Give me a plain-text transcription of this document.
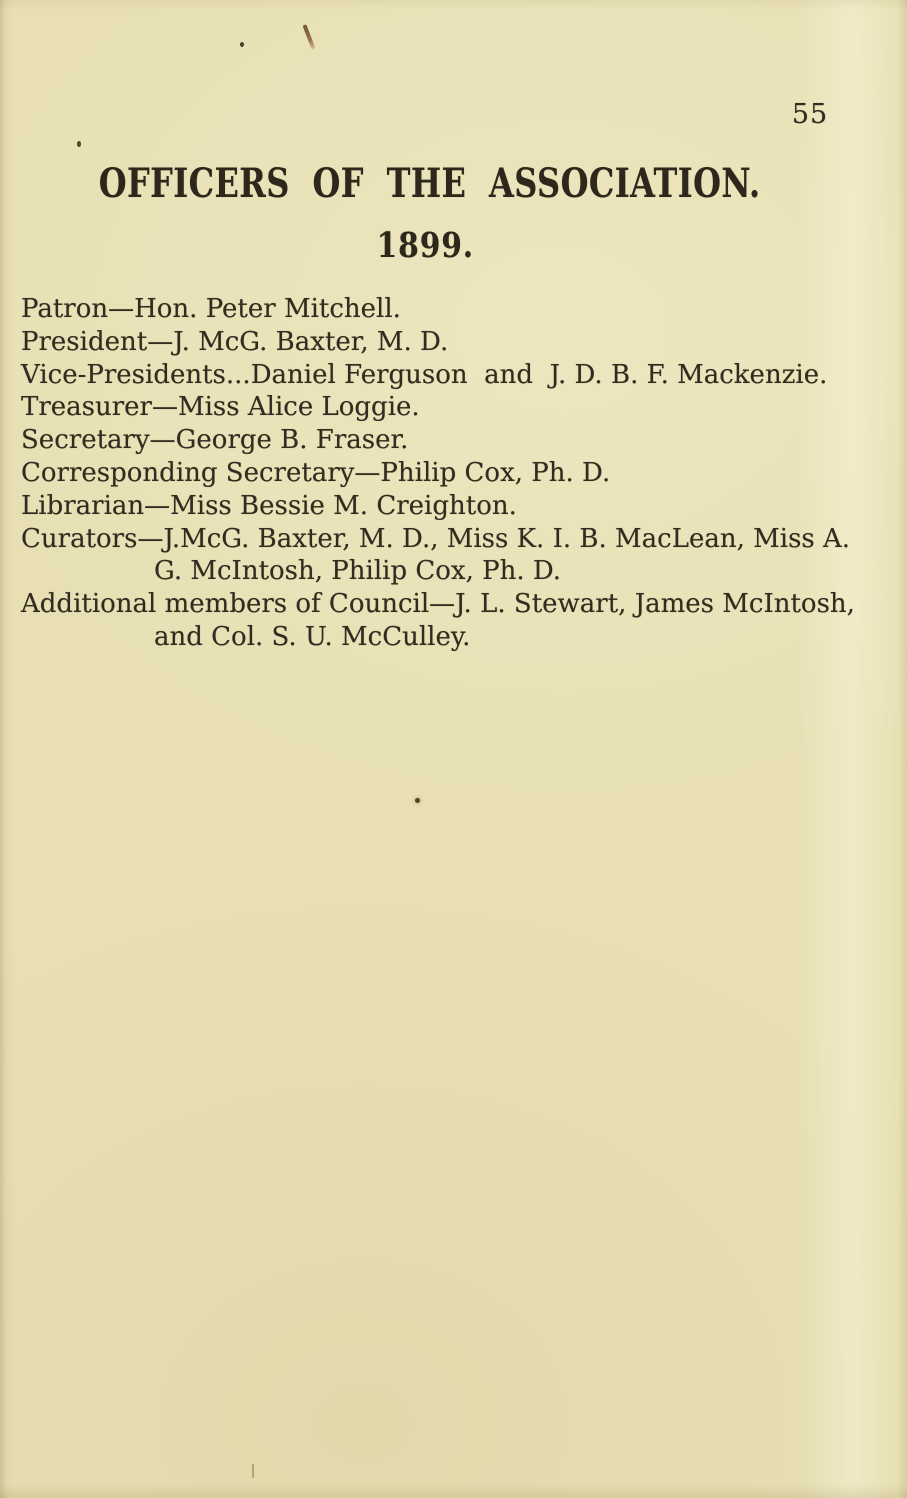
55
OFFICERS OF THE ASSOCIATION.
1899.
Patron—Hon. Peter Mitchell.
President—J. McG. Baxter, M. D.
Vice-Presidents...Daniel Ferguson  and  J. D. B. F. Mackenzie.
Treasurer—Miss Alice Loggie.
Secretary—George B. Fraser.
Corresponding Secretary—Philip Cox, Ph. D.
Librarian—Miss Bessie M. Creighton.
Curators—J.McG. Baxter, M. D., Miss K. I. B. MacLean, Miss A.
G. McIntosh, Philip Cox, Ph. D.
Additional members of Council—J. L. Stewart, James McIntosh,
and Col. S. U. McCulley.
